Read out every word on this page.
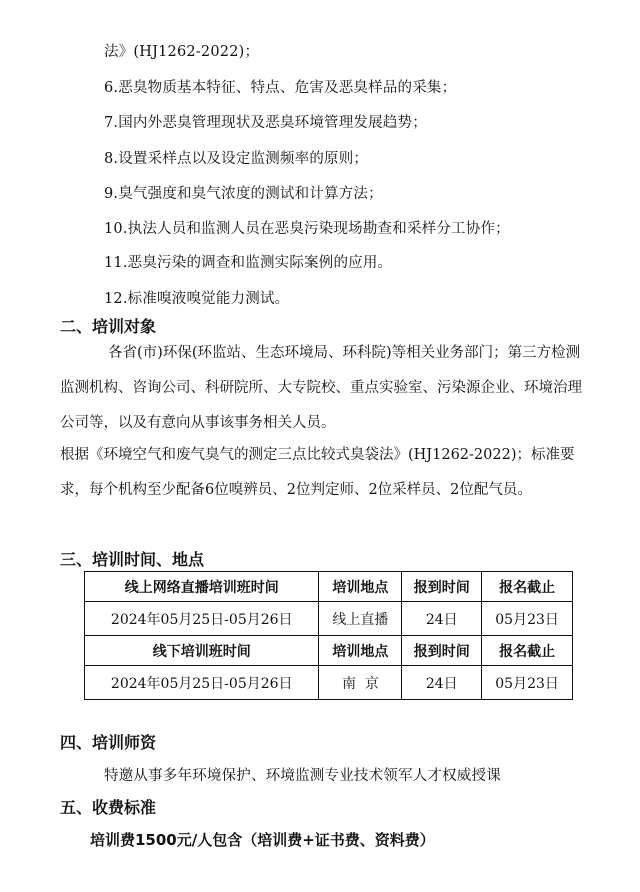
法》(HJ1262-2022)；
6.恶臭物质基本特征、特点、危害及恶臭样品的采集；
7.国内外恶臭管理现状及恶臭环境管理发展趋势；
8.设置采样点以及设定监测频率的原则；
9.臭气强度和臭气浓度的测试和计算方法；
10.执法人员和监测人员在恶臭污染现场勘查和采样分工协作；
11.恶臭污染的调查和监测实际案例的应用。
12.标准嗅液嗅觉能力测试。
二、培训对象
各省(市)环保(环监站、生态环境局、环科院)等相关业务部门；第三方检测监测机构、咨询公司、科研院所、大专院校、重点实验室、污染源企业、环境治理公司等，以及有意向从事该事务相关人员。
根据《环境空气和废气臭气的测定三点比较式臭袋法》(HJ1262-2022)；标准要求，每个机构至少配备6位嗅辨员、2位判定师、2位采样员、2位配气员。
三、培训时间、地点
线上网络直播培训班时间	培训地点	报到时间	报名截止
2024年05月25日-05月26日	线上直播	24日	05月23日
线下培训班时间	培训地点	报到时间	报名截止
2024年05月25日-05月26日	南  京	24日	05月23日
四、培训师资
特邀从事多年环境保护、环境监测专业技术领军人才权威授课
五、收费标准
培训费1500元/人包含（培训费+证书费、资料费）
